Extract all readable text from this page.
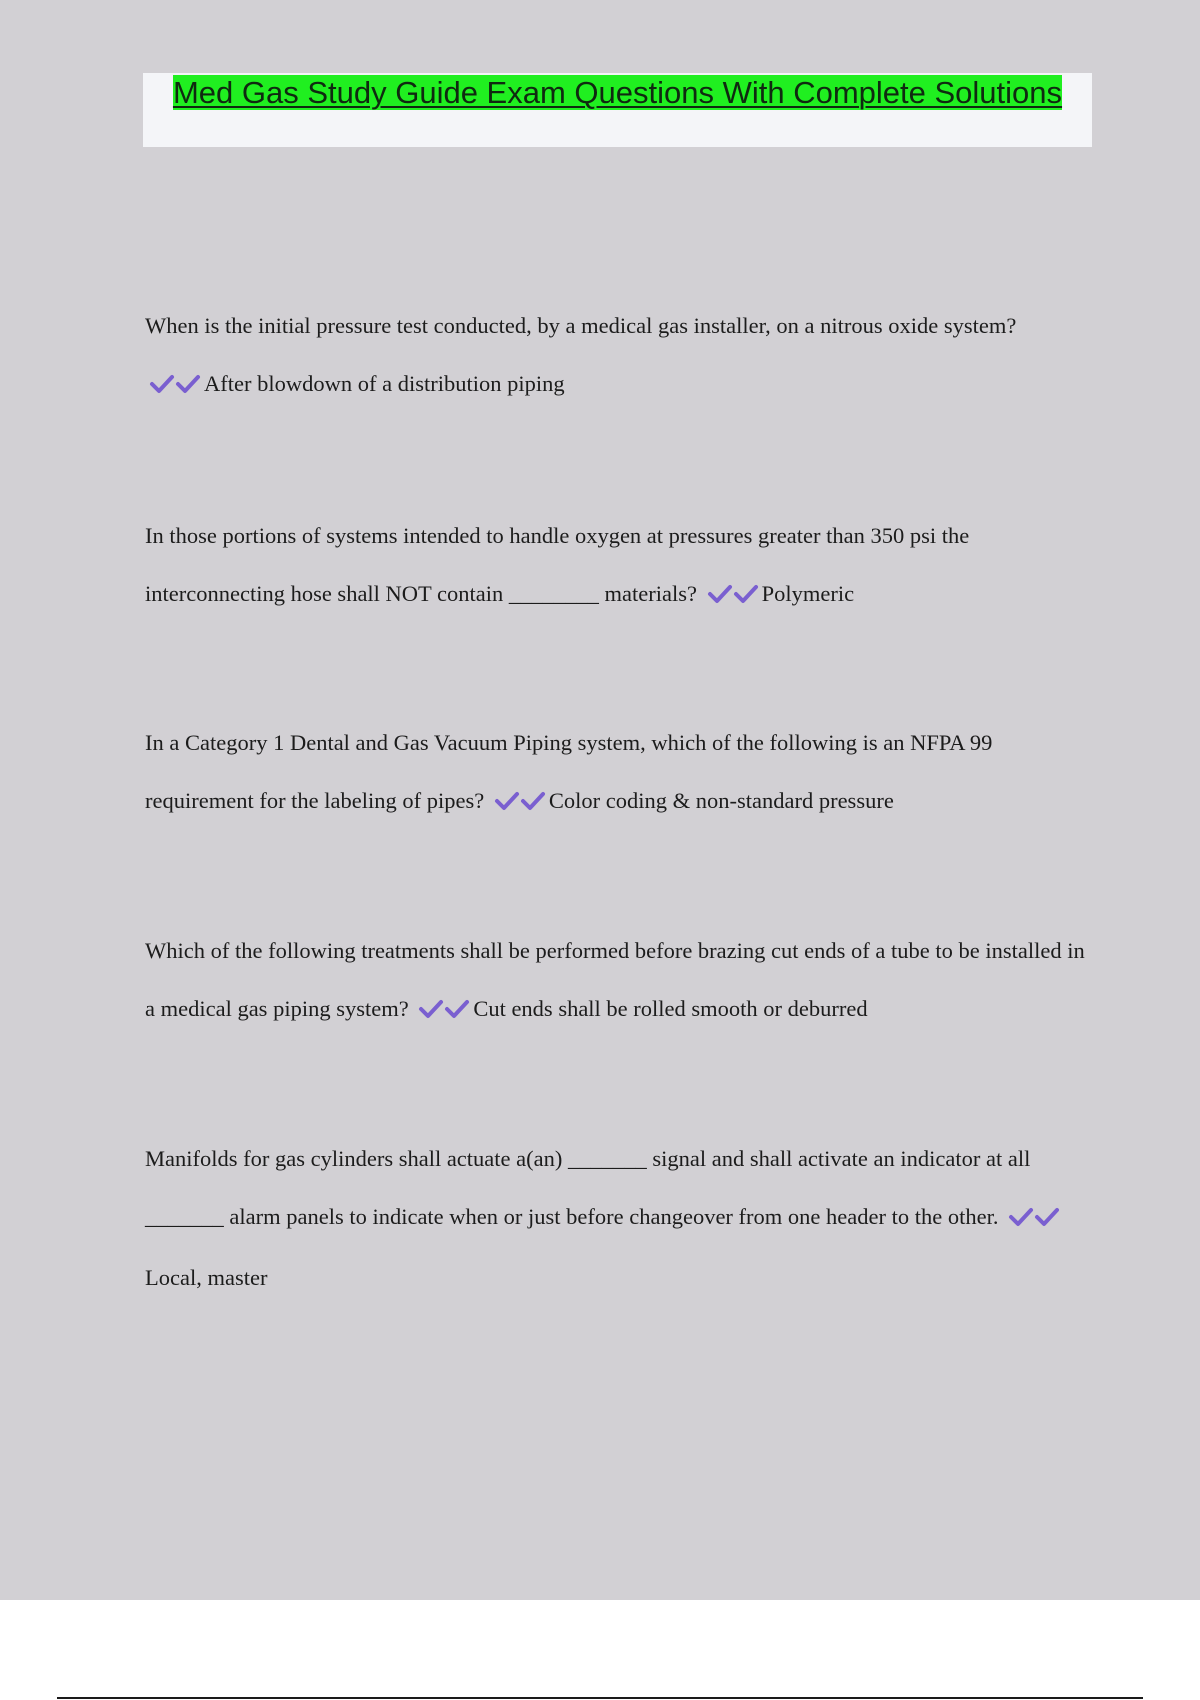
Med Gas Study Guide Exam Questions With Complete Solutions

When is the initial pressure test conducted, by a medical gas installer, on a nitrous oxide system?

After blowdown of a distribution piping

In those portions of systems intended to handle oxygen at pressures greater than 350 psi the interconnecting hose shall NOT contain ________ materials?	Polymeric

In a Category 1 Dental and Gas Vacuum Piping system, which of the following is an NFPA 99 requirement for the labeling of pipes?	Color coding & non-standard pressure

Which of the following treatments shall be performed before brazing cut ends of a tube to be installed in a medical gas piping system?	Cut ends shall be rolled smooth or deburred

Manifolds for gas cylinders shall actuate a(an) _______ signal and shall activate an indicator at all _______ alarm panels to indicate when or just before changeover from one header to the other.
Local, master
